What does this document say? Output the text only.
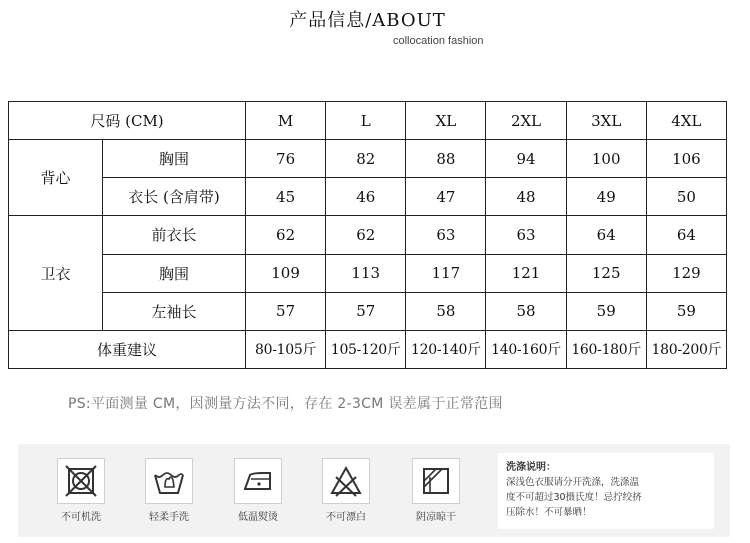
产品信息/ABOUT
collocation fashion
尺码 (CM)		M	L	XL	2XL	3XL	4XL
背心	胸围	76	82	88	94	100	106
	衣长 (含肩带)	45	46	47	48	49	50
卫衣	前衣长	62	62	63	63	64	64
	胸围	109	113	117	121	125	129
	左袖长	57	57	58	58	59	59
体重建议		80-105斤	105-120斤	120-140斤	140-160斤	160-180斤	180-200斤
PS:平面测量 CM，因测量方法不同，存在 2-3CM 误差属于正常范围
不可机洗	轻柔手洗	低温熨烫	不可漂白	阴凉晾干
洗涤说明：
深浅色衣服请分开洗涤，洗涤温
度不可超过30摄氏度！忌拧绞挤
压除水！不可暴晒！
